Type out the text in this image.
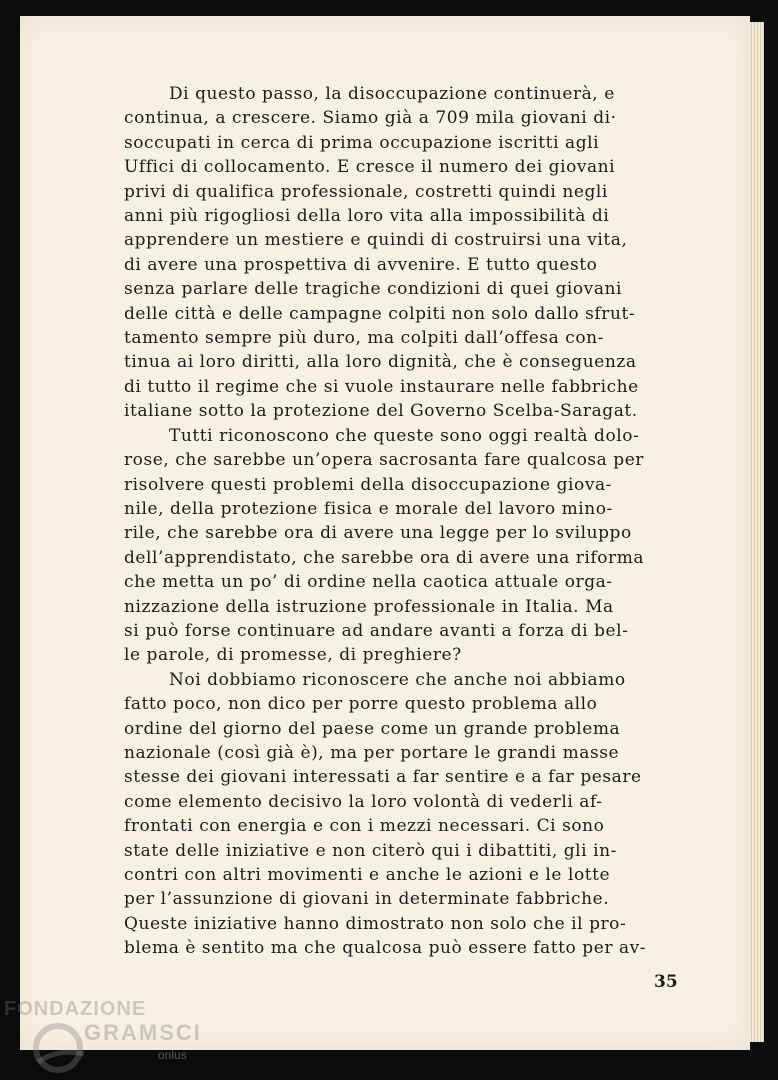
Di questo passo, la disoccupazione continuerà, e
continua, a crescere. Siamo già a 709 mila giovani di·
soccupati in cerca di prima occupazione iscritti agli
Uffici di collocamento. E cresce il numero dei giovani
privi di qualifica professionale, costretti quindi negli
anni più rigogliosi della loro vita alla impossibilità di
apprendere un mestiere e quindi di costruirsi una vita,
di avere una prospettiva di avvenire. E tutto questo
senza parlare delle tragiche condizioni di quei giovani
delle città e delle campagne colpiti non solo dallo sfrut-
tamento sempre più duro, ma colpiti dall’offesa con-
tinua ai loro diritti, alla loro dignità, che è conseguenza
di tutto il regime che si vuole instaurare nelle fabbriche
italiane sotto la protezione del Governo Scelba-Saragat.

Tutti riconoscono che queste sono oggi realtà dolo-
rose, che sarebbe un’opera sacrosanta fare qualcosa per
risolvere questi problemi della disoccupazione giova-
nile, della protezione fisica e morale del lavoro mino-
rile, che sarebbe ora di avere una legge per lo sviluppo
dell’apprendistato, che sarebbe ora di avere una riforma
che metta un po’ di ordine nella caotica attuale orga-
nizzazione della istruzione professionale in Italia. Ma
si può forse continuare ad andare avanti a forza di bel-
le parole, di promesse, di preghiere?

Noi dobbiamo riconoscere che anche noi abbiamo
fatto poco, non dico per porre questo problema allo
ordine del giorno del paese come un grande problema
nazionale (così già è), ma per portare le grandi masse
stesse dei giovani interessati a far sentire e a far pesare
come elemento decisivo la loro volontà di vederli af-
frontati con energia e con i mezzi necessari. Ci sono
state delle iniziative e non citerò qui i dibattiti, gli in-
contri con altri movimenti e anche le azioni e le lotte
per l’assunzione di giovani in determinate fabbriche.
Queste iniziative hanno dimostrato non solo che il pro-
blema è sentito ma che qualcosa può essere fatto per av-

35
FONDAZIONE
GRAMSCI
onlus
